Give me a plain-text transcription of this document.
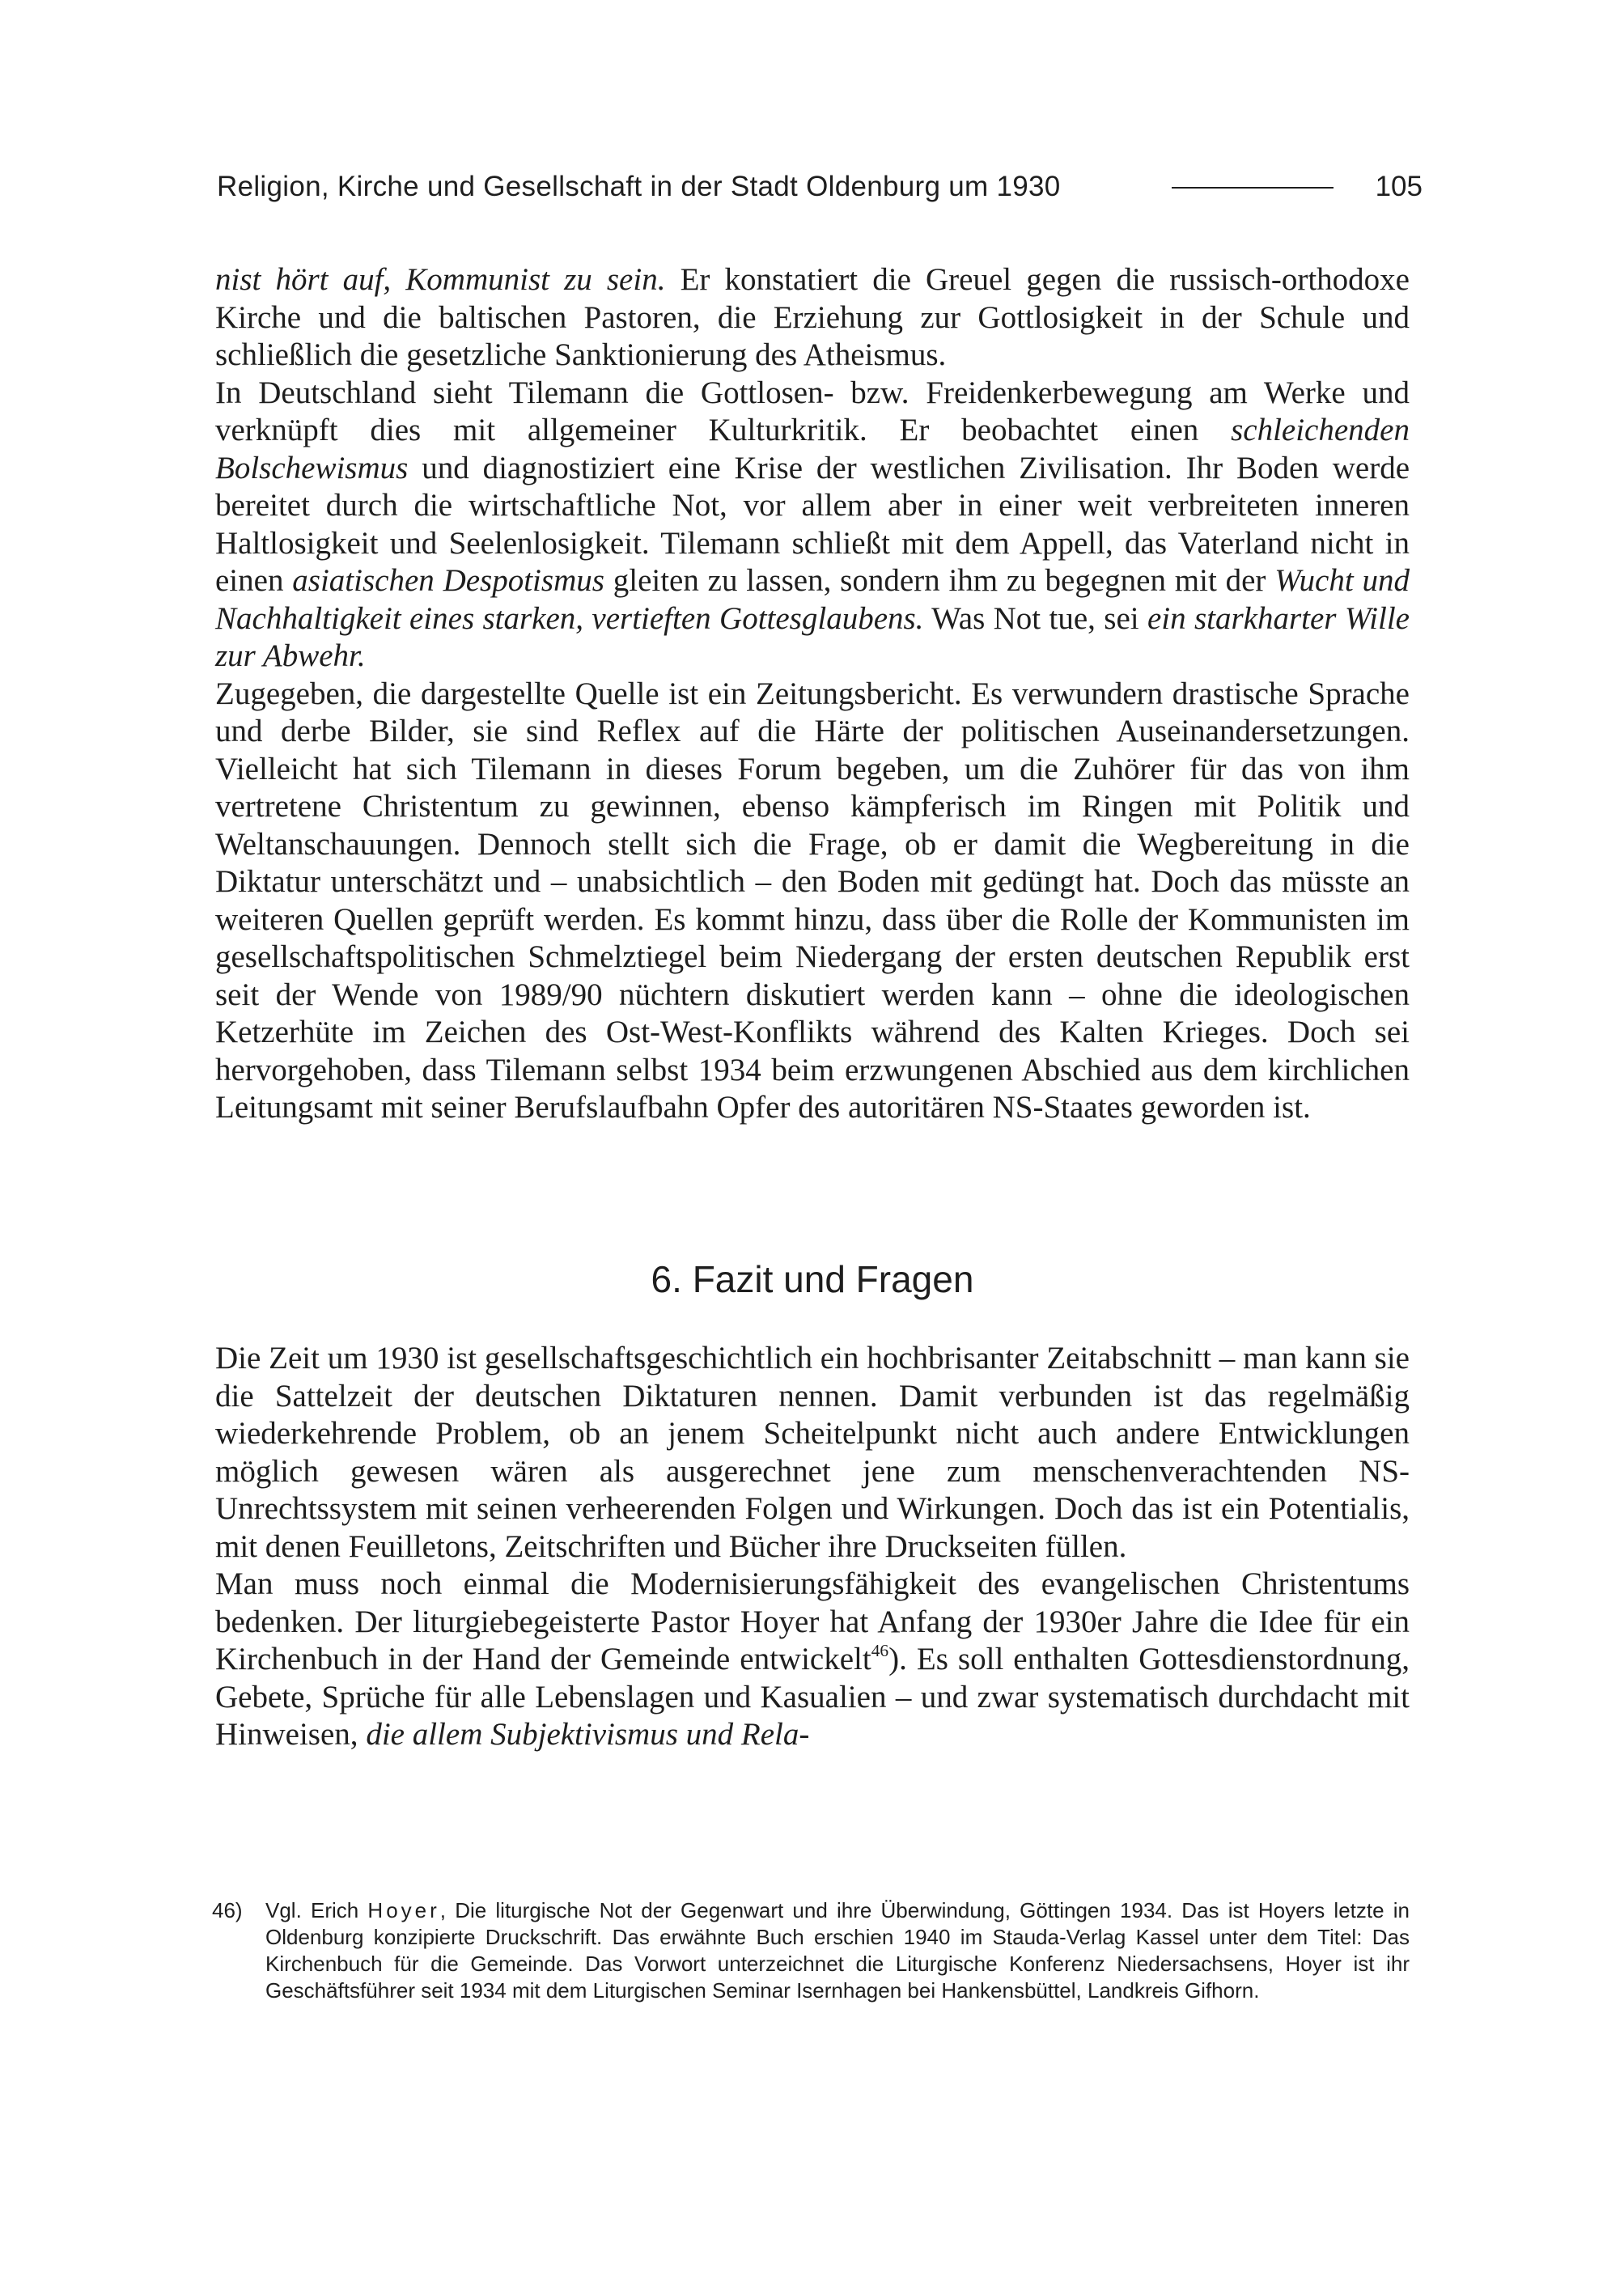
Religion, Kirche und Gesellschaft in der Stadt Oldenburg um 1930	105

nist hört auf, Kommunist zu sein. Er konstatiert die Greuel gegen die russisch-orthodoxe Kirche und die baltischen Pastoren, die Erziehung zur Gottlosigkeit in der Schule und schließlich die gesetzliche Sanktionierung des Atheismus.

In Deutschland sieht Tilemann die Gottlosen- bzw. Freidenkerbewegung am Werke und verknüpft dies mit allgemeiner Kulturkritik. Er beobachtet einen schleichenden Bolschewismus und diagnostiziert eine Krise der westlichen Zivilisation. Ihr Boden werde bereitet durch die wirtschaftliche Not, vor allem aber in einer weit verbreiteten inneren Haltlosigkeit und Seelenlosigkeit. Tilemann schließt mit dem Appell, das Vaterland nicht in einen asiatischen Despotismus gleiten zu lassen, sondern ihm zu begegnen mit der Wucht und Nachhaltigkeit eines starken, vertieften Gottesglaubens. Was Not tue, sei ein starkharter Wille zur Abwehr.

Zugegeben, die dargestellte Quelle ist ein Zeitungsbericht. Es verwundern drastische Sprache und derbe Bilder, sie sind Reflex auf die Härte der politischen Auseinandersetzungen. Vielleicht hat sich Tilemann in dieses Forum begeben, um die Zuhörer für das von ihm vertretene Christentum zu gewinnen, ebenso kämpferisch im Ringen mit Politik und Weltanschauungen. Dennoch stellt sich die Frage, ob er damit die Wegbereitung in die Diktatur unterschätzt und – unabsichtlich – den Boden mit gedüngt hat. Doch das müsste an weiteren Quellen geprüft werden. Es kommt hinzu, dass über die Rolle der Kommunisten im gesellschaftspolitischen Schmelztiegel beim Niedergang der ersten deutschen Republik erst seit der Wende von 1989/90 nüchtern diskutiert werden kann – ohne die ideologischen Ketzerhüte im Zeichen des Ost-West-Konflikts während des Kalten Krieges. Doch sei hervorgehoben, dass Tilemann selbst 1934 beim erzwungenen Abschied aus dem kirchlichen Leitungsamt mit seiner Berufslaufbahn Opfer des autoritären NS-Staates geworden ist.

6. Fazit und Fragen

Die Zeit um 1930 ist gesellschaftsgeschichtlich ein hochbrisanter Zeitabschnitt – man kann sie die Sattelzeit der deutschen Diktaturen nennen. Damit verbunden ist das regelmäßig wiederkehrende Problem, ob an jenem Scheitelpunkt nicht auch andere Entwicklungen möglich gewesen wären als ausgerechnet jene zum menschenverachtenden NS-Unrechtssystem mit seinen verheerenden Folgen und Wirkungen. Doch das ist ein Potentialis, mit denen Feuilletons, Zeitschriften und Bücher ihre Druckseiten füllen.

Man muss noch einmal die Modernisierungsfähigkeit des evangelischen Christentums bedenken. Der liturgiebegeisterte Pastor Hoyer hat Anfang der 1930er Jahre die Idee für ein Kirchenbuch in der Hand der Gemeinde entwickelt$^{46}$). Es soll enthalten Gottesdienstordnung, Gebete, Sprüche für alle Lebenslagen und Kasualien – und zwar systematisch durchdacht mit Hinweisen, die allem Subjektivismus und Rela-

46)	Vgl. Erich Hoyer, Die liturgische Not der Gegenwart und ihre Überwindung, Göttingen 1934. Das ist Hoyers letzte in Oldenburg konzipierte Druckschrift. Das erwähnte Buch erschien 1940 im Stauda-Verlag Kassel unter dem Titel: Das Kirchenbuch für die Gemeinde. Das Vorwort unterzeichnet die Liturgische Konferenz Niedersachsens, Hoyer ist ihr Geschäftsführer seit 1934 mit dem Liturgischen Seminar Isernhagen bei Hankensbüttel, Landkreis Gifhorn.
